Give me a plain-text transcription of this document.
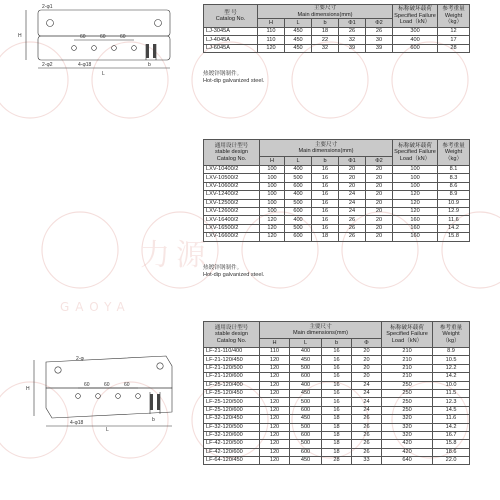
力源
GAOYA
2-φ1
H	60	60	60
2-φ2	4-φ18
L
b
2-φ
H
60	60	60
4-φ18
L
b
型 号
Catalog No.	主要尺寸
Main dimensions(mm)					标称破坏载荷
Specified Failure Load（kN）	参考重量
Weight（kg）
	H	L	b	Φ1	Φ2		
LJ-3045A	110	450	18	26	26	300	12
LJ-4045A	110	450	22	32	30	400	17
LJ-6045A	120	450	32	39	39	600	28
热镀锌钢制件。
Hot-dip galvanized steel.
通用设计型号
stable design
Catalog No.	主要尺寸
Main dimensions(mm)					标称破坏载荷
Specified Failure
Load（kN）	参考重量
Weight
（kg）
	H	L	b	Φ1	Φ2		
LXV-10400/2	100	400	16	20	20	100	8.1
LXV-10500/2	100	500	16	20	20	100	8.3
LXV-10600/2	100	600	16	20	20	100	8.6
LXV-12400/2	100	400	16	24	20	120	8.9
LXV-12500/2	100	500	16	24	20	120	10.9
LXV-12600/2	100	600	16	24	20	120	12.9
LXV-16400/2	120	400	16	26	20	160	11.6
LXV-16500/2	120	500	16	26	20	160	14.2
LXV-16600/2	120	600	18	26	20	160	15.8
热镀锌钢制件。
Hot-dip galvanized steel.
通用设计型号
stable design
Catalog No.	主要尺寸
Main dimensions(mm)				标称破坏载荷
Specified Failure
Load（kN）	参考重量
Weight
（kg）
	H	L	b	Φ		
LF-21-110/400	110	400	16	20	210	8.9
LF-21-120/450	120	450	16	20	210	10.5
LF-21-120/500	120	500	16	20	210	12.2
LF-21-120/600	120	600	16	20	210	14.2
LF-25-120/400	120	400	16	24	250	10.0
LF-25-120/450	120	450	16	24	250	11.5
LF-25-120/500	120	500	16	24	250	12.3
LF-25-120/600	120	600	16	24	250	14.5
LF-32-120/450	120	450	18	26	320	11.6
LF-32-120/500	120	500	18	26	320	14.2
LF-32-120/600	120	600	18	26	320	16.7
LF-42-120/500	120	500	18	26	420	15.8
LF-42-120/600	120	600	18	26	420	18.6
LF-64-120/450	120	450	28	33	640	22.0
